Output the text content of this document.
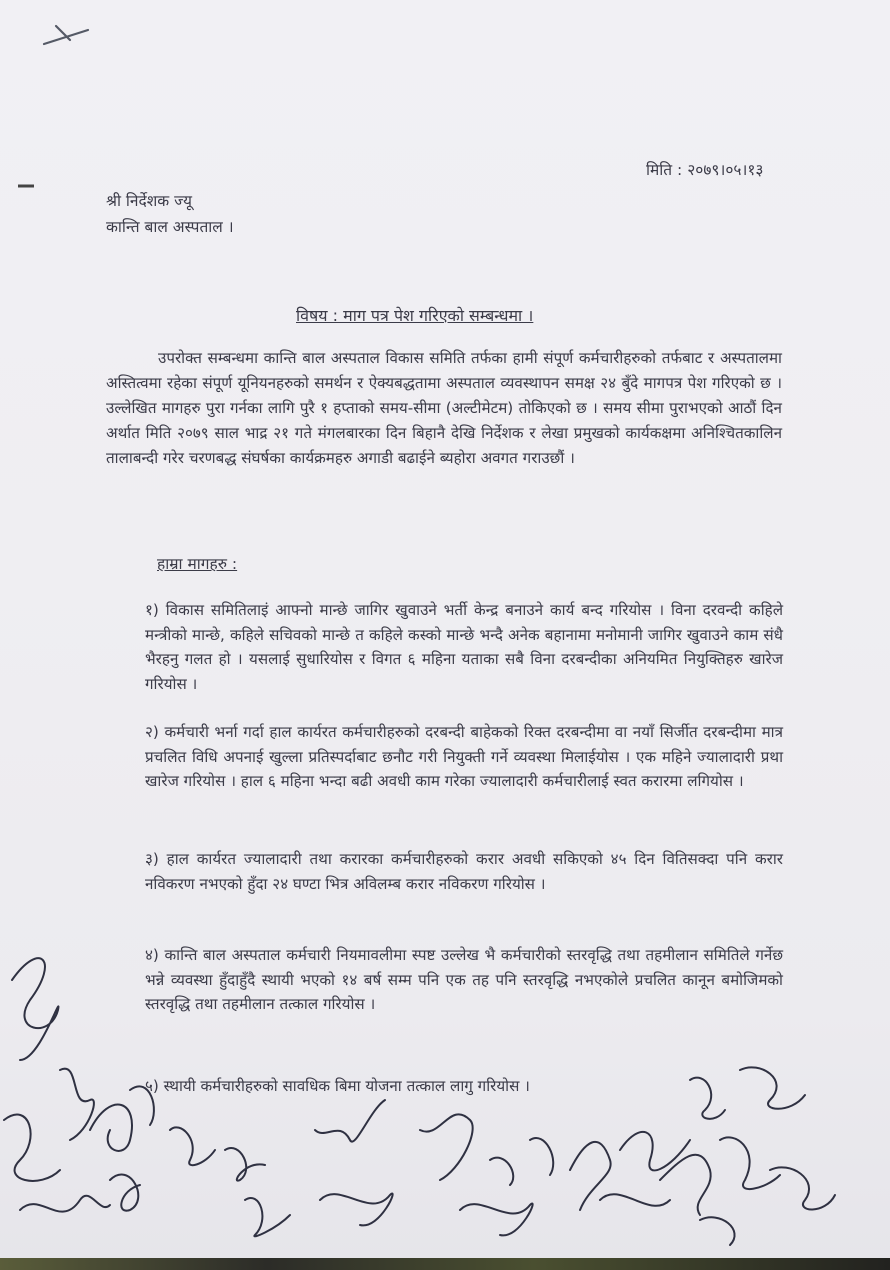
मिति : २०७९।०५।१३
श्री निर्देशक ज्यू
कान्ति बाल अस्पताल ।
विषय : माग पत्र पेश गरिएको सम्बन्धमा ।
उपरोक्त सम्बन्धमा कान्ति बाल अस्पताल विकास समिति तर्फका हामी संपूर्ण कर्मचारीहरुको तर्फबाट र अस्पतालमा अस्तित्वमा रहेका संपूर्ण यूनियनहरुको समर्थन र ऐक्यबद्धतामा अस्पताल व्यवस्थापन समक्ष २४ बुँदे मागपत्र पेश गरिएको छ । उल्लेखित मागहरु पुरा गर्नका लागि पुरै १ हप्ताको समय-सीमा (अल्टीमेटम) तोकिएको छ । समय सीमा पुराभएको आठौं दिन अर्थात मिति २०७९ साल भाद्र २१ गते मंगलबारका दिन बिहानै देखि निर्देशक र लेखा प्रमुखको कार्यकक्षमा अनिश्चितकालिन तालाबन्दी गरेर चरणबद्ध संघर्षका कार्यक्रमहरु अगाडी बढाईने ब्यहोरा अवगत गराउछौं ।
हाम्रा मागहरु :
१) विकास समितिलाइं आफ्नो मान्छे जागिर खुवाउने भर्ती केन्द्र बनाउने कार्य बन्द गरियोस । विना दरवन्दी कहिले मन्त्रीको मान्छे, कहिले सचिवको मान्छे त कहिले कस्को मान्छे भन्दै अनेक बहानामा मनोमानी जागिर खुवाउने काम संधै भैरहनु गलत हो । यसलाई सुधारियोस र विगत ६ महिना यताका सबै विना दरबन्दीका अनियमित नियुक्तिहरु खारेज गरियोस ।
२) कर्मचारी भर्ना गर्दा हाल कार्यरत कर्मचारीहरुको दरबन्दी बाहेकको रिक्त दरबन्दीमा वा नयाँ सिर्जीत दरबन्दीमा मात्र प्रचलित विधि अपनाई खुल्ला प्रतिस्पर्दाबाट छनौट गरी नियुक्ती गर्ने व्यवस्था मिलाईयोस । एक महिने ज्यालादारी प्रथा खारेज गरियोस । हाल ६ महिना भन्दा बढी अवधी काम गरेका ज्यालादारी कर्मचारीलाई स्वत करारमा लगियोस ।
३) हाल कार्यरत ज्यालादारी तथा करारका कर्मचारीहरुको करार अवधी सकिएको ४५ दिन वितिसक्दा पनि करार नविकरण नभएको हुँदा २४ घण्टा भित्र अविलम्ब करार नविकरण गरियोस ।
४) कान्ति बाल अस्पताल कर्मचारी नियमावलीमा स्पष्ट उल्लेख भै कर्मचारीको स्तरवृद्धि तथा तहमीलान समितिले गर्नेछ भन्ने व्यवस्था हुँदाहुँदै स्थायी भएको १४ बर्ष सम्म पनि एक तह पनि स्तरवृद्धि नभएकोले प्रचलित कानून बमोजिमको स्तरवृद्धि तथा तहमीलान तत्काल गरियोस ।
५) स्थायी कर्मचारीहरुको सावधिक बिमा योजना तत्काल लागु गरियोस ।
